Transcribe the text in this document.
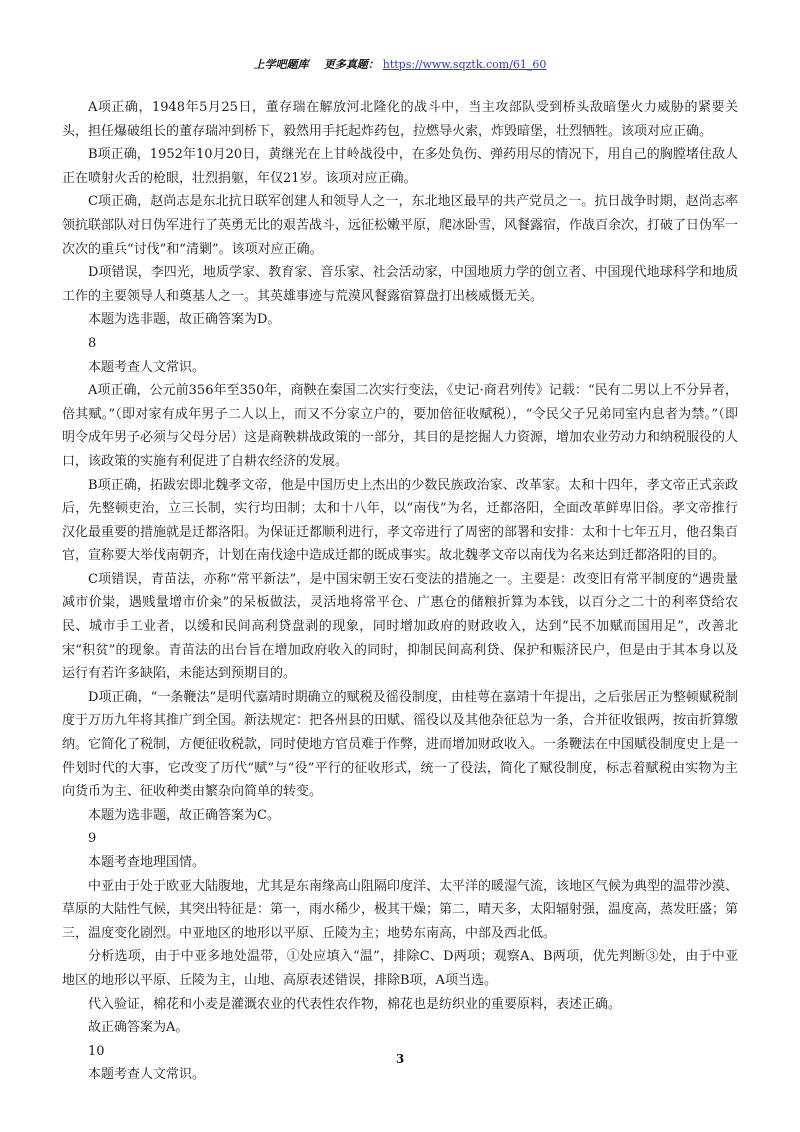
上学吧题库 更多真题： https://www.sqztk.com/61_60

A项正确，1948年5月25日，董存瑞在解放河北隆化的战斗中，当主攻部队受到桥头敌暗堡火力威胁的紧要关头，担任爆破组长的董存瑞冲到桥下，毅然用手托起炸药包，拉燃导火索，炸毁暗堡，壮烈牺牲。该项对应正确。

B项正确，1952年10月20日，黄继光在上甘岭战役中，在多处负伤、弹药用尽的情况下，用自己的胸膛堵住敌人正在喷射火舌的枪眼，壮烈捐躯，年仅21岁。该项对应正确。

C项正确，赵尚志是东北抗日联军创建人和领导人之一，东北地区最早的共产党员之一。抗日战争时期，赵尚志率领抗联部队对日伪军进行了英勇无比的艰苦战斗，远征松嫩平原，爬冰卧雪，风餐露宿，作战百余次，打破了日伪军一次次的重兵“讨伐”和“清剿”。该项对应正确。

D项错误，李四光，地质学家、教育家、音乐家、社会活动家，中国地质力学的创立者、中国现代地球科学和地质工作的主要领导人和奠基人之一。其英雄事迹与荒漠风餐露宿算盘打出核威慑无关。

本题为选非题，故正确答案为D。

8

本题考查人文常识。

A项正确，公元前356年至350年，商鞅在秦国二次实行变法，《史记·商君列传》记载：“民有二男以上不分异者，倍其赋。”（即对家有成年男子二人以上，而又不分家立户的，要加倍征收赋税），“令民父子兄弟同室内息者为禁。”（即明令成年男子必须与父母分居）这是商鞅耕战政策的一部分，其目的是挖掘人力资源，增加农业劳动力和纳税服役的人口，该政策的实施有利促进了自耕农经济的发展。

B项正确，拓跋宏即北魏孝文帝，他是中国历史上杰出的少数民族政治家、改革家。太和十四年，孝文帝正式亲政后，先整顿吏治，立三长制，实行均田制；太和十八年，以“南伐”为名，迁都洛阳，全面改革鲜卑旧俗。孝文帝推行汉化最重要的措施就是迁都洛阳。为保证迁都顺利进行，孝文帝进行了周密的部署和安排：太和十七年五月，他召集百官，宣称要大举伐南朝齐，计划在南伐途中造成迁都的既成事实。故北魏孝文帝以南伐为名来达到迁都洛阳的目的。

C项错误，青苗法，亦称“常平新法”，是中国宋朝王安石变法的措施之一。主要是：改变旧有常平制度的“遇贵量减市价粜，遇贱量增市价籴”的呆板做法，灵活地将常平仓、广惠仓的储粮折算为本钱，以百分之二十的利率贷给农民、城市手工业者，以缓和民间高利贷盘剥的现象，同时增加政府的财政收入，达到“民不加赋而国用足”，改善北宋“积贫”的现象。青苗法的出台旨在增加政府收入的同时，抑制民间高利贷、保护和赈济民户，但是由于其本身以及运行有若许多缺陷，未能达到预期目的。

D项正确，“一条鞭法”是明代嘉靖时期确立的赋税及徭役制度，由桂萼在嘉靖十年提出，之后张居正为整顿赋税制度于万历九年将其推广到全国。新法规定：把各州县的田赋、徭役以及其他杂征总为一条，合并征收银两，按亩折算缴纳。它简化了税制，方便征收税款，同时使地方官员难于作弊，进而增加财政收入。一条鞭法在中国赋役制度史上是一件划时代的大事，它改变了历代“赋”与“役”平行的征收形式，统一了役法，简化了赋役制度，标志着赋税由实物为主向货币为主、征收种类由繁杂向简单的转变。

本题为选非题，故正确答案为C。

9

本题考查地理国情。

中亚由于处于欧亚大陆腹地，尤其是东南缘高山阻隔印度洋、太平洋的暖湿气流，该地区气候为典型的温带沙漠、草原的大陆性气候，其突出特征是：第一，雨水稀少，极其干燥；第二，晴天多，太阳辐射强，温度高，蒸发旺盛；第三，温度变化剧烈。中亚地区的地形以平原、丘陵为主；地势东南高，中部及西北低。

分析选项，由于中亚多地处温带，①处应填入“温”，排除C、D两项；观察A、B两项，优先判断③处，由于中亚地区的地形以平原、丘陵为主，山地、高原表述错误，排除B项，A项当选。

代入验证，棉花和小麦是灌溉农业的代表性农作物，棉花也是纺织业的重要原料，表述正确。

故正确答案为A。

10

本题考查人文常识。

3
